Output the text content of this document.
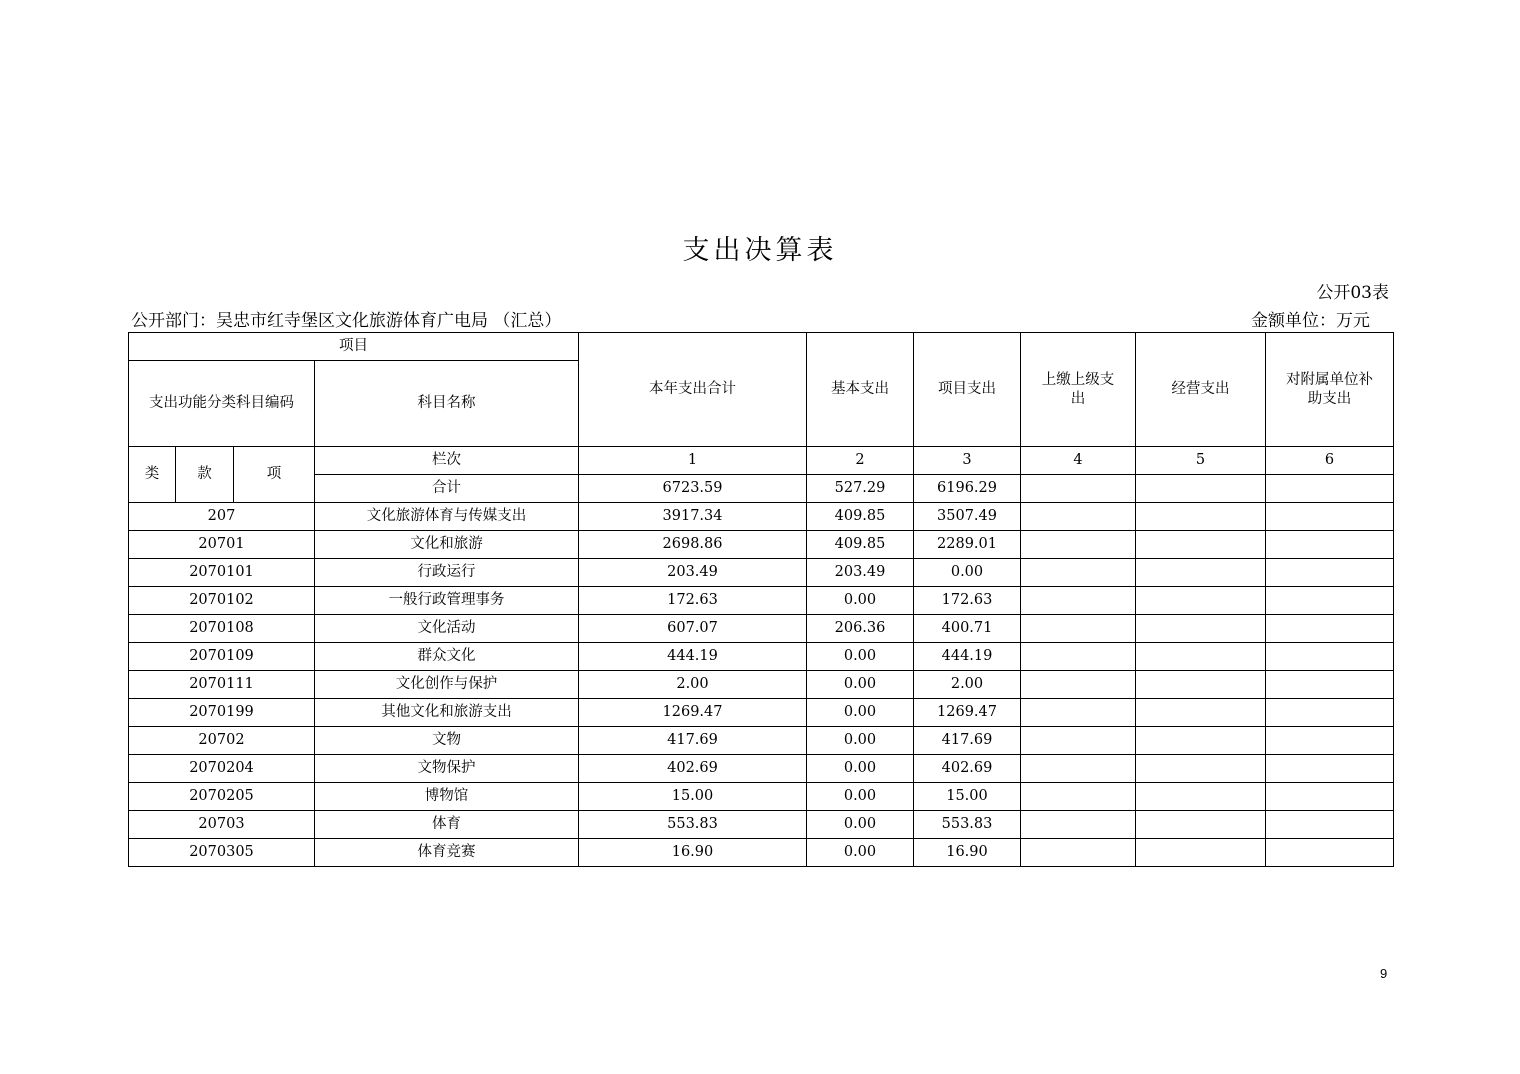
支出决算表
公开03表
公开部门：吴忠市红寺堡区文化旅游体育广电局 （汇总）	金额单位：万元
项目				本年支出合计	基本支出	项目支出	上缴上级支出	经营支出	对附属单位补助支出
支出功能分类科目编码			科目名称						
类	款	项	栏次	1	2	3	4	5	6
			合计	6723.59	527.29	6196.29			
207			文化旅游体育与传媒支出	3917.34	409.85	3507.49			
20701			文化和旅游	2698.86	409.85	2289.01			
2070101			行政运行	203.49	203.49	0.00			
2070102			一般行政管理事务	172.63	0.00	172.63			
2070108			文化活动	607.07	206.36	400.71			
2070109			群众文化	444.19	0.00	444.19			
2070111			文化创作与保护	2.00	0.00	2.00			
2070199			其他文化和旅游支出	1269.47	0.00	1269.47			
20702			文物	417.69	0.00	417.69			
2070204			文物保护	402.69	0.00	402.69			
2070205			博物馆	15.00	0.00	15.00			
20703			体育	553.83	0.00	553.83			
2070305			体育竞赛	16.90	0.00	16.90			
9
